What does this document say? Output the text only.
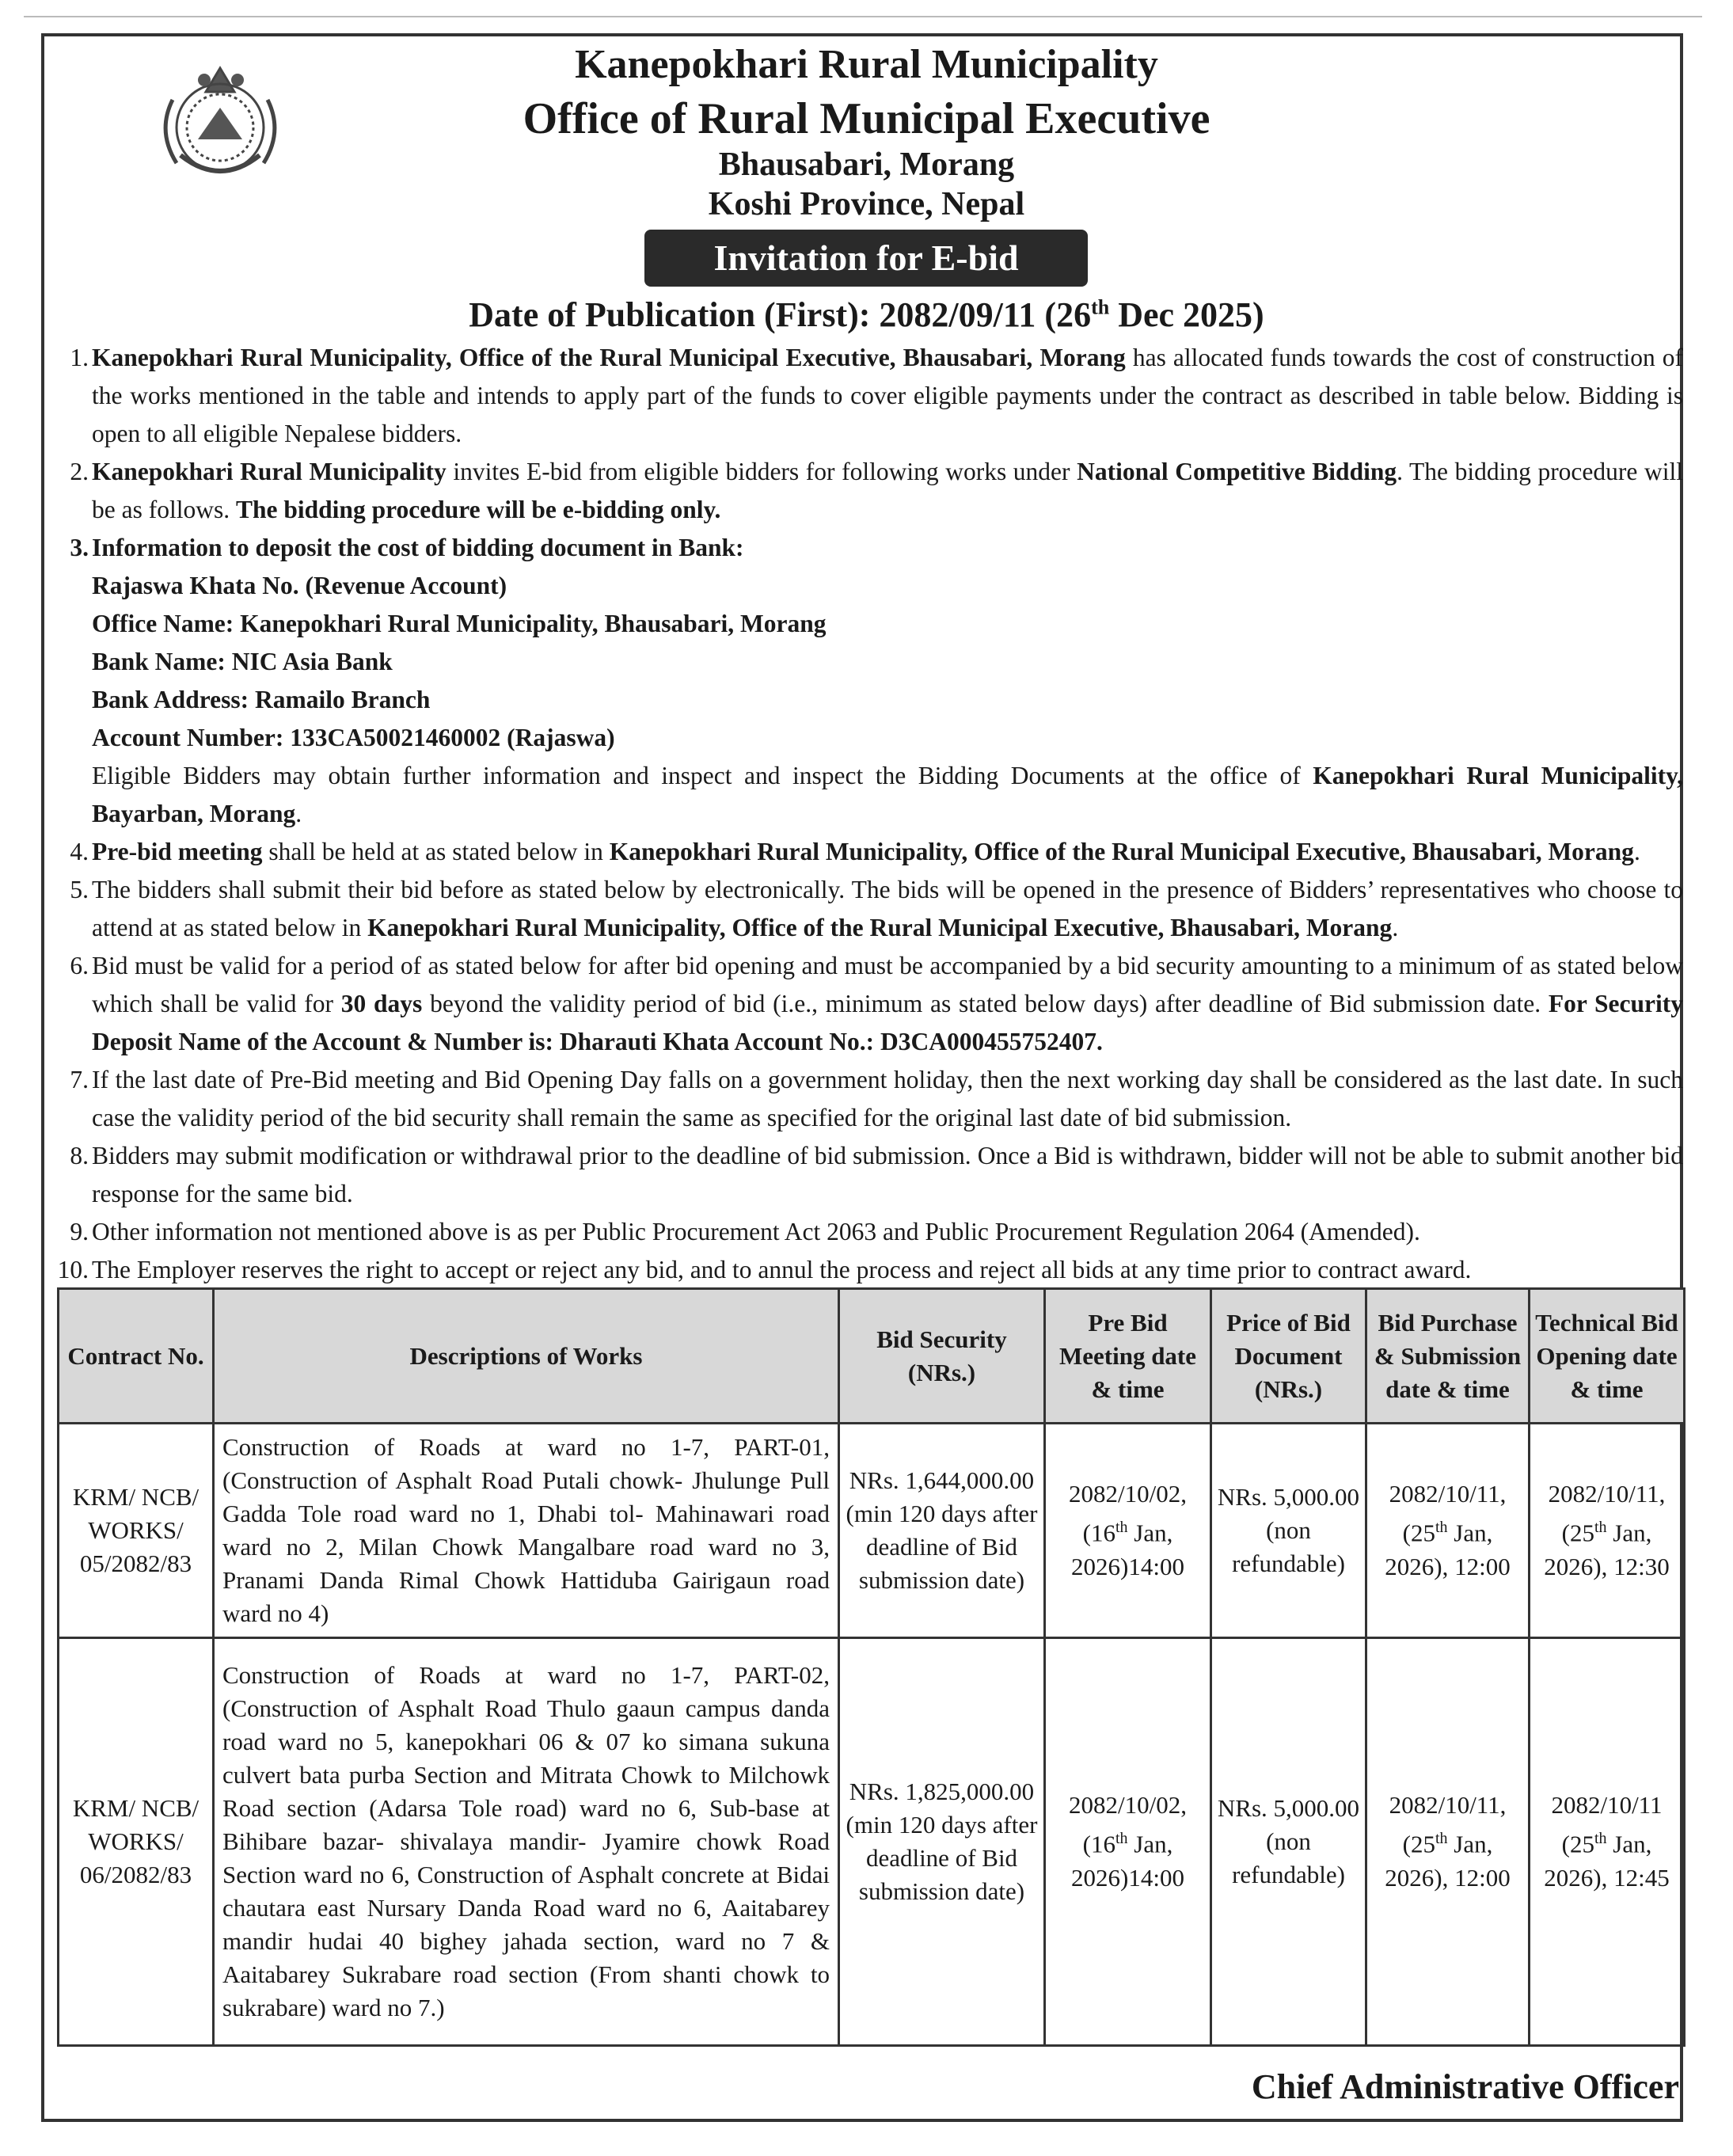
Kanepokhari Rural Municipality
Office of Rural Municipal Executive
Bhausabari, Morang
Koshi Province, Nepal
Invitation for E-bid
Date of Publication (First): 2082/09/11 (26th Dec 2025)
1. Kanepokhari Rural Municipality, Office of the Rural Municipal Executive, Bhausabari, Morang has allocated funds towards the cost of construction of the works mentioned in the table and intends to apply part of the funds to cover eligible payments under the contract as described in table below. Bidding is open to all eligible Nepalese bidders.
2. Kanepokhari Rural Municipality invites E-bid from eligible bidders for following works under National Competitive Bidding. The bidding procedure will be as follows. The bidding procedure will be e-bidding only.
3. Information to deposit the cost of bidding document in Bank:
Rajaswa Khata No. (Revenue Account)
Office Name: Kanepokhari Rural Municipality, Bhausabari, Morang
Bank Name: NIC Asia Bank
Bank Address: Ramailo Branch
Account Number: 133CA50021460002 (Rajaswa)
Eligible Bidders may obtain further information and inspect and inspect the Bidding Documents at the office of Kanepokhari Rural Municipality, Bayarban, Morang.
4. Pre-bid meeting shall be held at as stated below in Kanepokhari Rural Municipality, Office of the Rural Municipal Executive, Bhausabari, Morang.
5. The bidders shall submit their bid before as stated below by electronically. The bids will be opened in the presence of Bidders’ representatives who choose to attend at as stated below in Kanepokhari Rural Municipality, Office of the Rural Municipal Executive, Bhausabari, Morang.
6. Bid must be valid for a period of as stated below for after bid opening and must be accompanied by a bid security amounting to a minimum of as stated below which shall be valid for 30 days beyond the validity period of bid (i.e., minimum as stated below days) after deadline of Bid submission date. For Security Deposit Name of the Account & Number is: Dharauti Khata Account No.: D3CA000455752407.
7. If the last date of Pre-Bid meeting and Bid Opening Day falls on a government holiday, then the next working day shall be considered as the last date. In such case the validity period of the bid security shall remain the same as specified for the original last date of bid submission.
8. Bidders may submit modification or withdrawal prior to the deadline of bid submission. Once a Bid is withdrawn, bidder will not be able to submit another bid response for the same bid.
9. Other information not mentioned above is as per Public Procurement Act 2063 and Public Procurement Regulation 2064 (Amended).
10. The Employer reserves the right to accept or reject any bid, and to annul the process and reject all bids at any time prior to contract award.
Contract No.	Descriptions of Works	Bid Security (NRs.)	Pre Bid Meeting date & time	Price of Bid Document (NRs.)	Bid Purchase & Submission date & time	Technical Bid Opening date & time
KRM/ NCB/ WORKS/ 05/2082/83	Construction of Roads at ward no 1-7, PART-01, (Construction of Asphalt Road Putali chowk- Jhulunge Pull Gadda Tole road ward no 1, Dhabi tol- Mahinawari road ward no 2, Milan Chowk Mangalbare road ward no 3, Pranami Danda Rimal Chowk Hattiduba Gairigaun road ward no 4)	NRs. 1,644,000.00 (min 120 days after deadline of Bid submission date)	2082/10/02, (16th Jan, 2026)14:00	NRs. 5,000.00 (non refundable)	2082/10/11, (25th Jan, 2026), 12:00	2082/10/11, (25th Jan, 2026), 12:30
KRM/ NCB/ WORKS/ 06/2082/83	Construction of Roads at ward no 1-7, PART-02, (Construction of Asphalt Road Thulo gaaun campus danda road ward no 5, kanepokhari 06 & 07 ko simana sukuna culvert bata purba Section and Mitrata Chowk to Milchowk Road section (Adarsa Tole road) ward no 6, Sub-base at Bihibare bazar- shivalaya mandir- Jyamire chowk Road Section ward no 6, Construction of Asphalt concrete at Bidai chautara east Nursary Danda Road ward no 6, Aaitabarey mandir hudai 40 bighey jahada section, ward no 7 & Aaitabarey Sukrabare road section (From shanti chowk to sukrabare) ward no 7.)	NRs. 1,825,000.00 (min 120 days after deadline of Bid submission date)	2082/10/02, (16th Jan, 2026)14:00	NRs. 5,000.00 (non refundable)	2082/10/11, (25th Jan, 2026), 12:00	2082/10/11 (25th Jan, 2026), 12:45
Chief Administrative Officer
